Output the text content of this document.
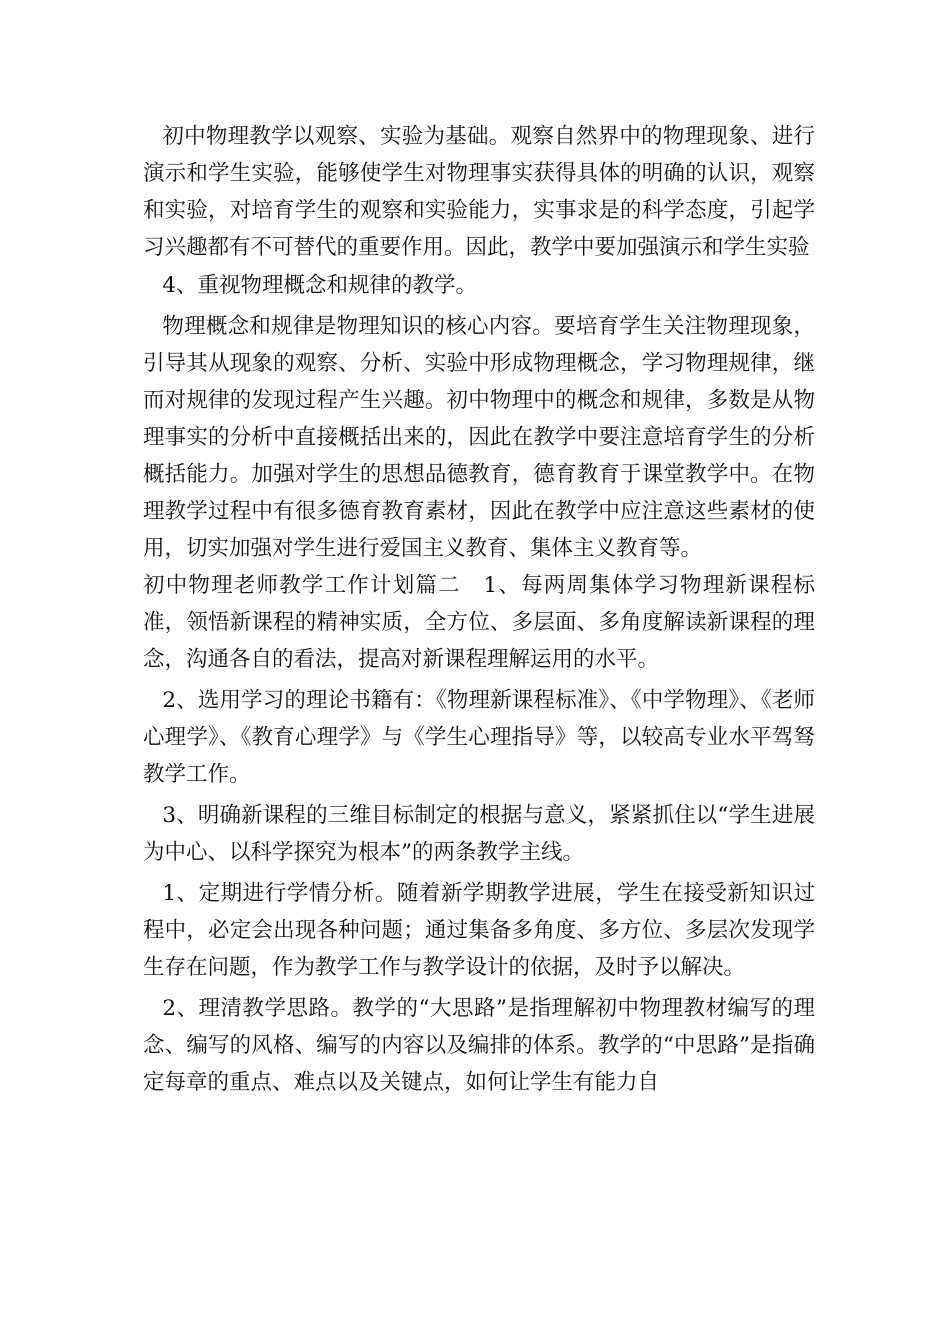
初中物理教学以观察、实验为基础。观察自然界中的物理现象、进行演示和学生实验，能够使学生对物理事实获得具体的明确的认识，观察和实验，对培育学生的观察和实验能力，实事求是的科学态度，引起学习兴趣都有不可替代的重要作用。因此，教学中要加强演示和学生实验

4、重视物理概念和规律的教学。

物理概念和规律是物理知识的核心内容。要培育学生关注物理现象，引导其从现象的观察、分析、实验中形成物理概念，学习物理规律，继而对规律的发现过程产生兴趣。初中物理中的概念和规律，多数是从物理事实的分析中直接概括出来的，因此在教学中要注意培育学生的分析概括能力。加强对学生的思想品德教育，德育教育于课堂教学中。在物理教学过程中有很多德育教育素材，因此在教学中应注意这些素材的使用，切实加强对学生进行爱国主义教育、集体主义教育等。

初中物理老师教学工作计划篇二　1、每两周集体学习物理新课程标准，领悟新课程的精神实质，全方位、多层面、多角度解读新课程的理念，沟通各自的看法，提高对新课程理解运用的水平。

2、选用学习的理论书籍有：《物理新课程标准》、《中学物理》、《老师心理学》、《教育心理学》与《学生心理指导》等，以较高专业水平驾驽教学工作。

3、明确新课程的三维目标制定的根据与意义，紧紧抓住以“学生进展为中心、以科学探究为根本”的两条教学主线。

1、定期进行学情分析。随着新学期教学进展，学生在接受新知识过程中，必定会出现各种问题；通过集备多角度、多方位、多层次发现学生存在问题，作为教学工作与教学设计的依据，及时予以解决。

2、理清教学思路。教学的“大思路”是指理解初中物理教材编写的理念、编写的风格、编写的内容以及编排的体系。教学的“中思路”是指确定每章的重点、难点以及关键点，如何让学生有能力自
